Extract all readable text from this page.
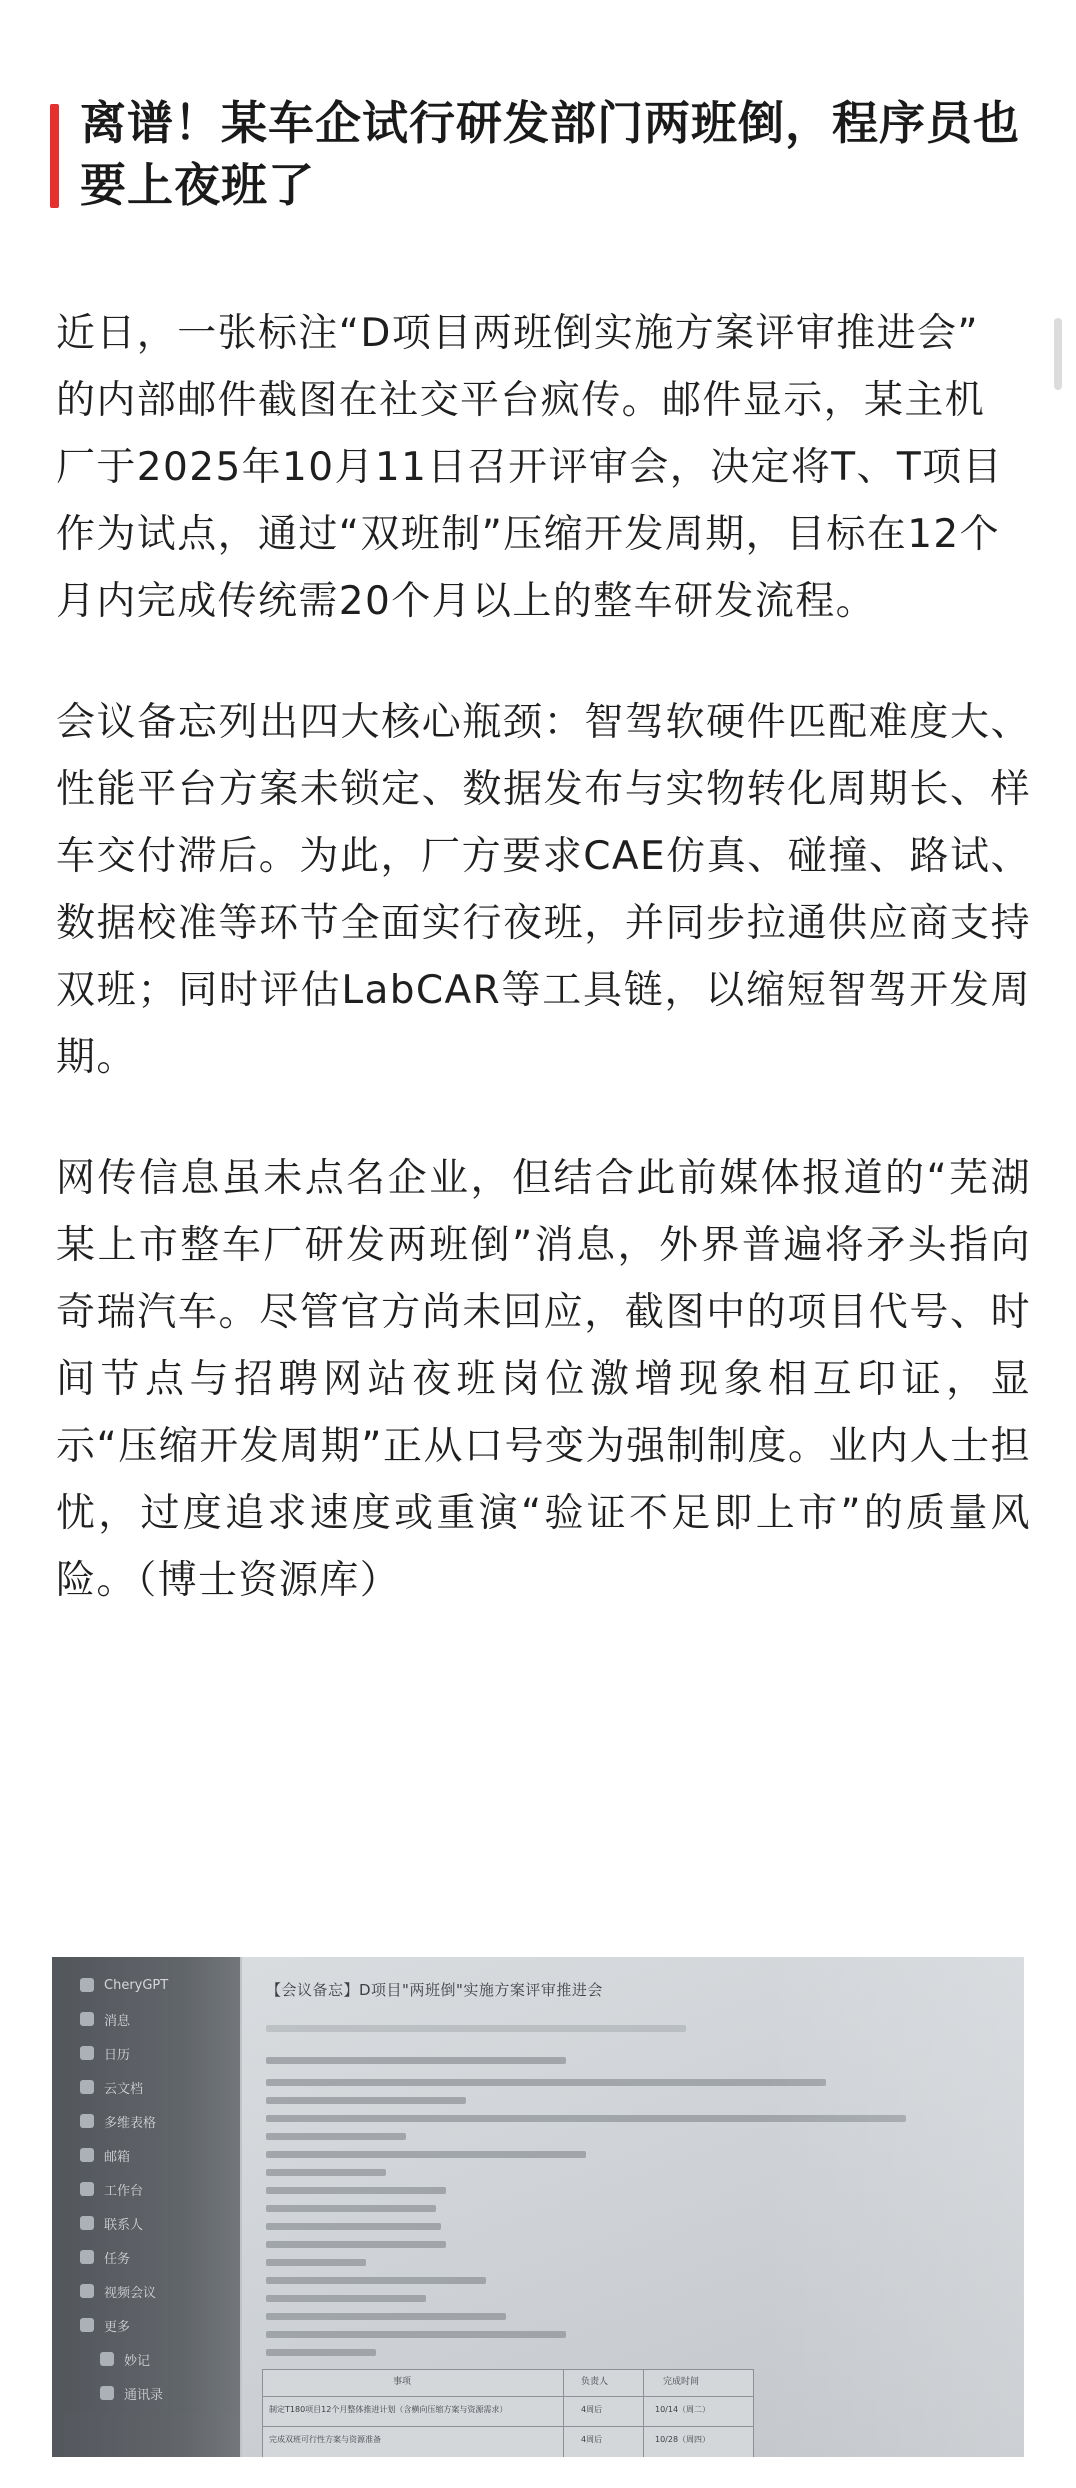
离谱！某车企试行研发部门两班倒，程序员也要上夜班了

近日，一张标注“D项目两班倒实施方案评审推进会”
的内部邮件截图在社交平台疯传。邮件显示，某主机
厂于2025年10月11日召开评审会，决定将T、T项目
作为试点，通过“双班制”压缩开发周期，目标在12个
月内完成传统需20个月以上的整车研发流程。

会议备忘列出四大核心瓶颈：智驾软硬件匹配难度大、性能平台方案未锁定、数据发布与实物转化周期长、样车交付滞后。为此，厂方要求CAE仿真、碰撞、路试、数据校准等环节全面实行夜班，并同步拉通供应商支持双班；同时评估LabCAR等工具链，以缩短智驾开发周期。

网传信息虽未点名企业，但结合此前媒体报道的“芜湖某上市整车厂研发两班倒”消息，外界普遍将矛头指向奇瑞汽车。尽管官方尚未回应，截图中的项目代号、时间节点与招聘网站夜班岗位激增现象相互印证，显示“压缩开发周期”正从口号变为强制制度。业内人士担忧，过度追求速度或重演“验证不足即上市”的质量风险。（博士资源库）

CheryGPT
消息
日历
云文档
多维表格
邮箱
工作台
联系人
任务
视频会议
更多
妙记
通讯录
【会议备忘】D项目"两班倒"实施方案评审推进会
事项	负责人	完成时间
制定T180项目12个月整体推进计划（含横向压缩方案与资源需求）	4周后	10/14（周二）
完成双班可行性方案与资源准备	4周后	10/28（周四）
